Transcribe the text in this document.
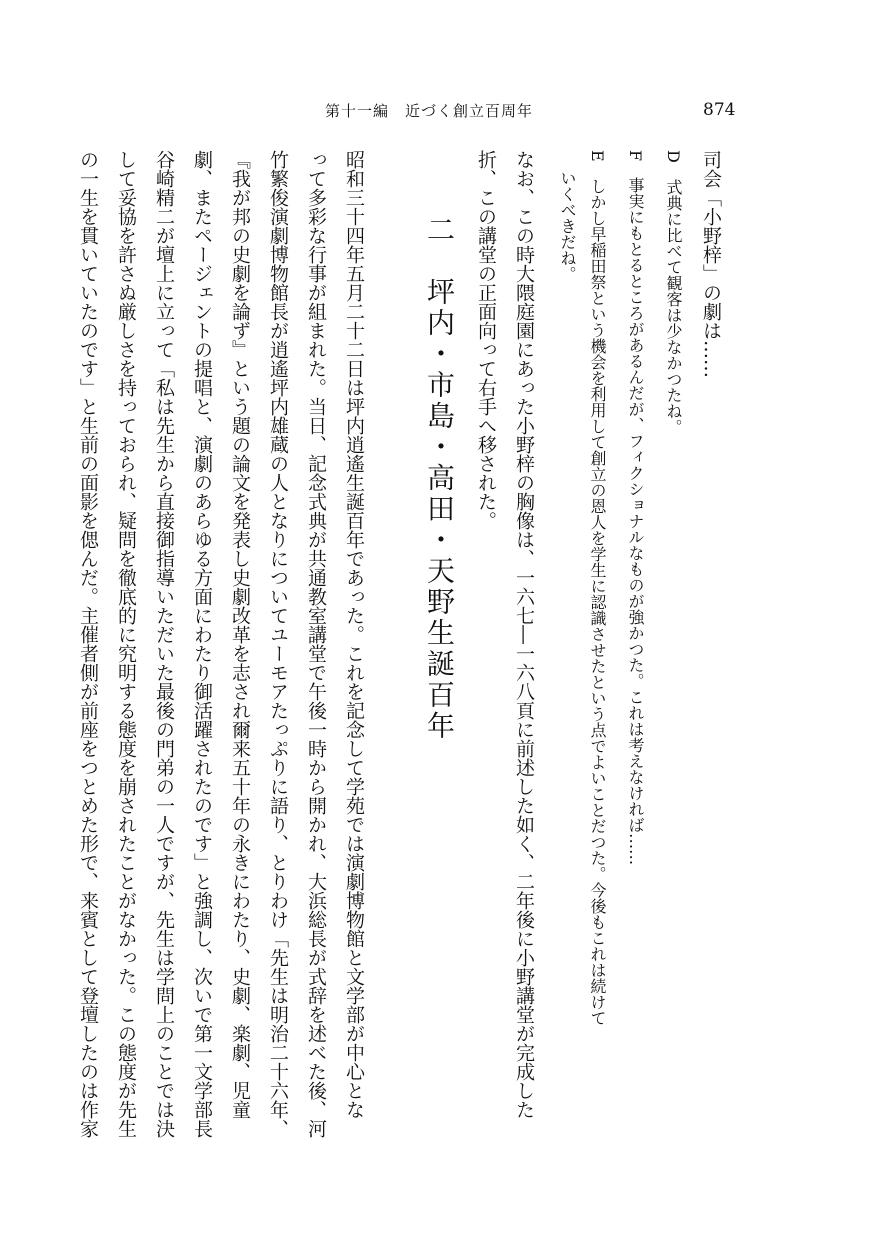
第十一編　近づく創立百周年	874
司会「小野梓」の劇は……
D　式典に比べて観客は少なかつたね。
F　事実にもとるところがあるんだが、フィクショナルなものが強かつた。これは考えなければ……
E　しかし早稲田祭という機会を利用して創立の恩人を学生に認識させたという点でよいことだつた。今後もこれは続けて
いくべきだね。
なお、この時大隈庭園にあった小野梓の胸像は、一六七―一六八頁に前述した如く、二年後に小野講堂が完成した
折、この講堂の正面向って右手へ移された。
二　坪内・市島・高田・天野生誕百年
昭和三十四年五月二十二日は坪内逍遙生誕百年であった。これを記念して学苑では演劇博物館と文学部が中心とな
って多彩な行事が組まれた。当日、記念式典が共通教室講堂で午後一時から開かれ、大浜総長が式辞を述べた後、河
竹繁俊演劇博物館長が逍遙坪内雄蔵の人となりについてユーモアたっぷりに語り、とりわけ「先生は明治二十六年、
『我が邦の史劇を論ず』という題の論文を発表し史劇改革を志され爾来五十年の永きにわたり、史劇、楽劇、児童
劇、またページェントの提唱と、演劇のあらゆる方面にわたり御活躍されたのです」と強調し、次いで第一文学部長
谷崎精二が壇上に立って「私は先生から直接御指導いただいた最後の門弟の一人ですが、先生は学問上のことでは決
して妥協を許さぬ厳しさを持っておられ、疑問を徹底的に究明する態度を崩されたことがなかった。この態度が先生
の一生を貫いていたのです」と生前の面影を偲んだ。主催者側が前座をつとめた形で、来賓として登壇したのは作家
